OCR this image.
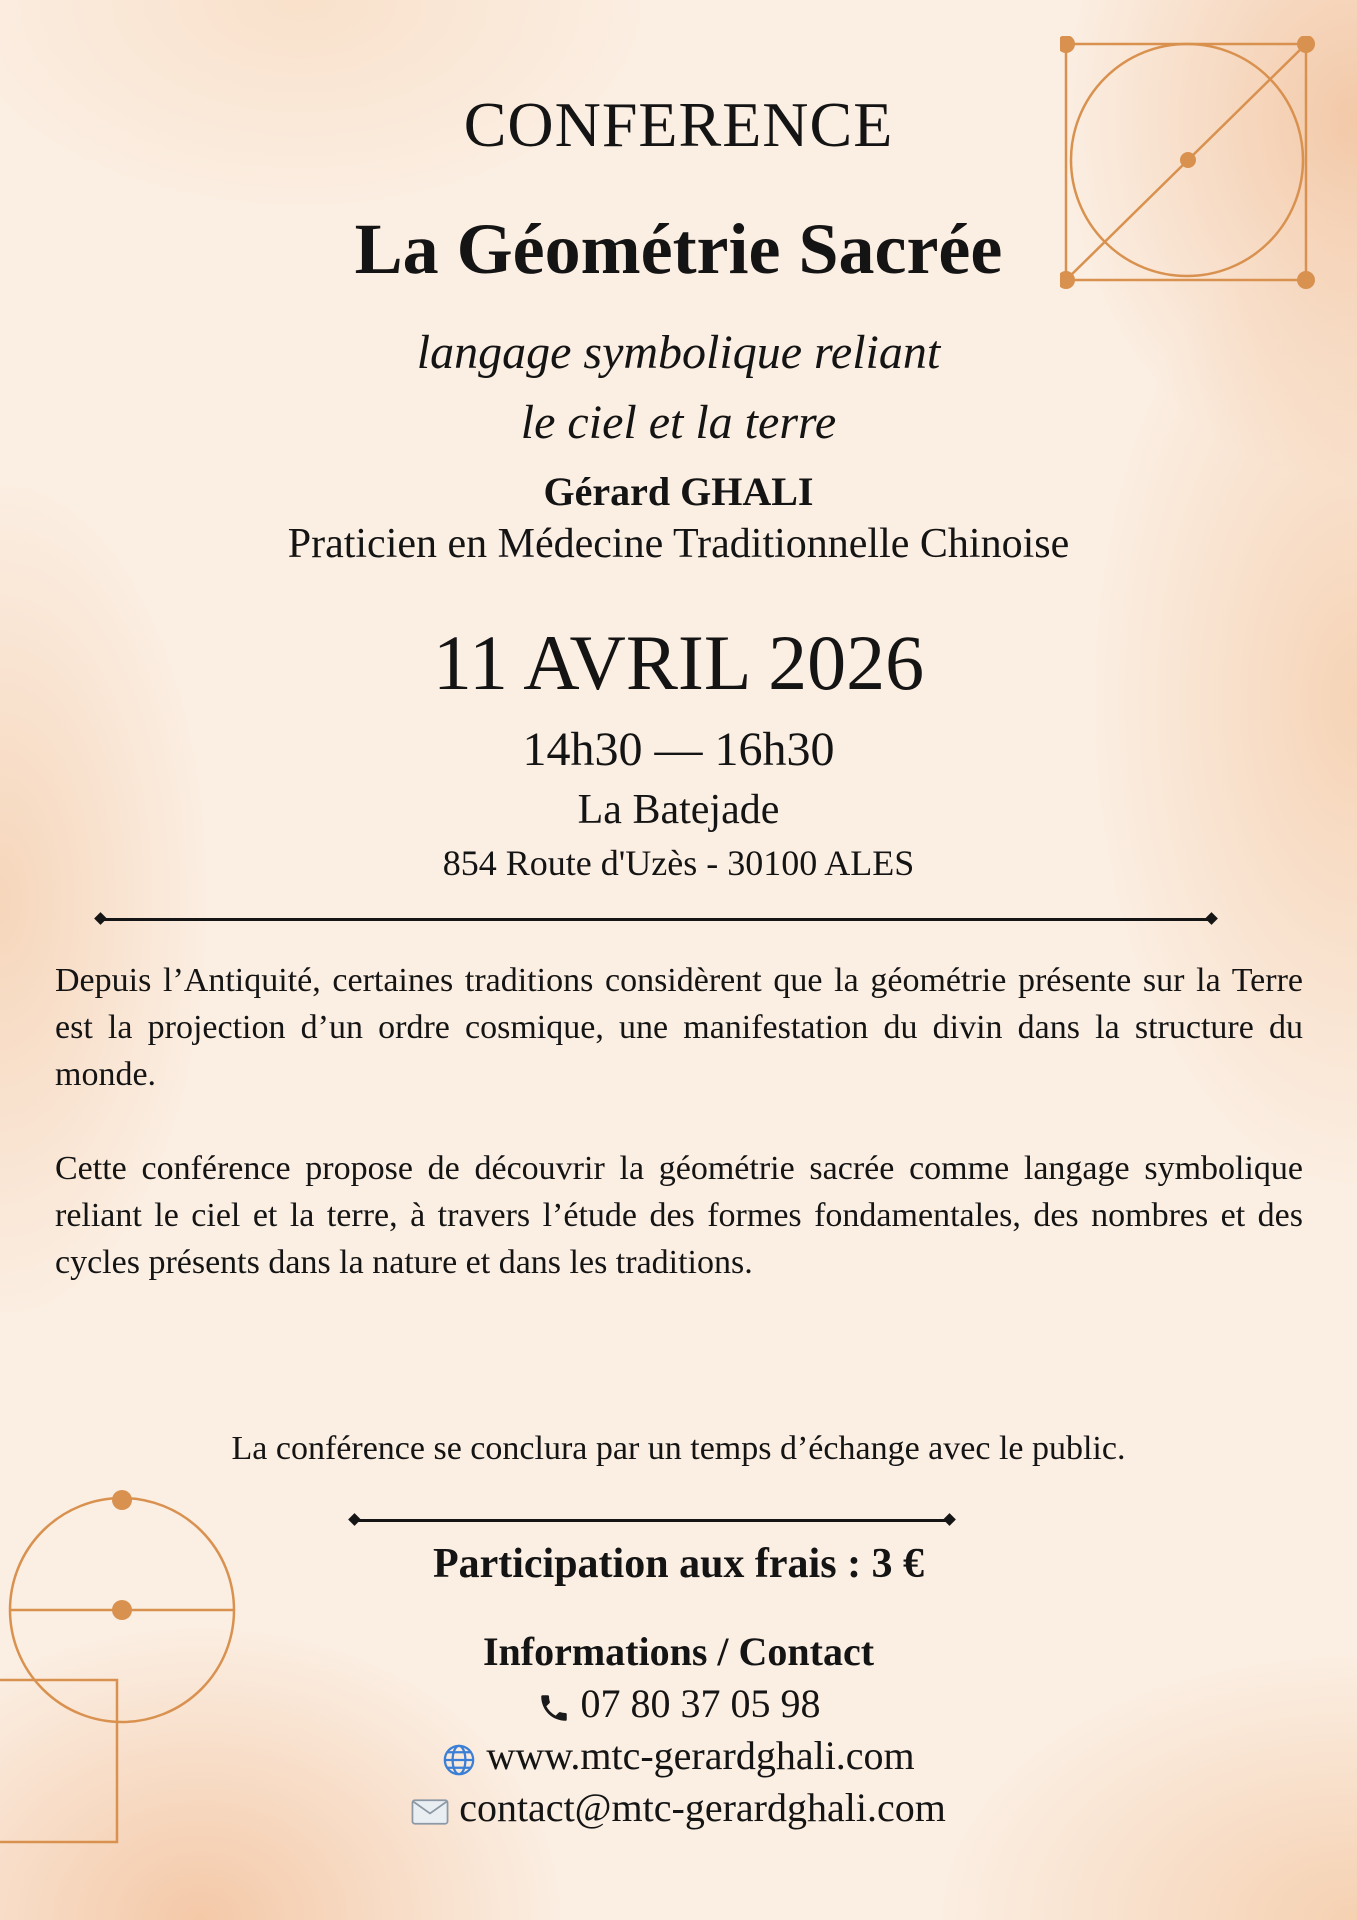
CONFERENCE
La Géométrie Sacrée
langage symbolique reliant
le ciel et la terre
Gérard GHALI
Praticien en Médecine Traditionnelle Chinoise
11 AVRIL 2026
14h30 — 16h30
La Batejade
854 Route d'Uzès - 30100 ALES
Depuis l’Antiquité, certaines traditions considèrent que la géométrie présente sur la Terre est la projection d’un ordre cosmique, une manifestation du divin dans la structure du monde.
Cette conférence propose de découvrir la géométrie sacrée comme langage symbolique reliant le ciel et la terre, à travers l’étude des formes fondamentales, des nombres et des cycles présents dans la nature et dans les traditions.
La conférence se conclura par un temps d’échange avec le public.
Participation aux frais : 3 €
Informations / Contact
07 80 37 05 98
www.mtc-gerardghali.com
contact@mtc-gerardghali.com
